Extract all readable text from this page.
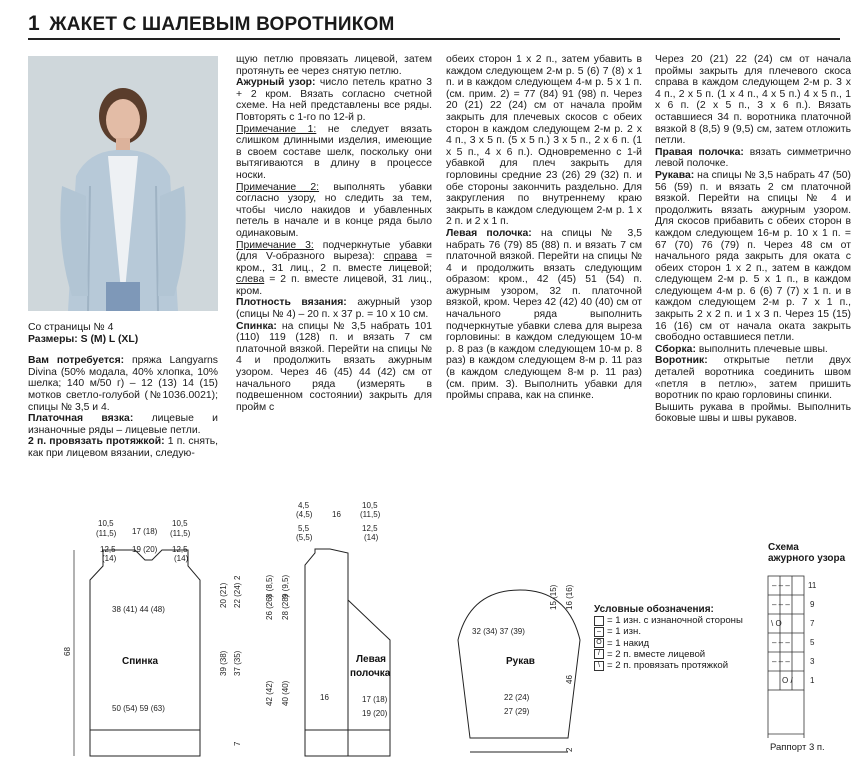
1 ЖАКЕТ С ШАЛЕВЫМ ВОРОТНИКОМ

Со страницы № 4

Размеры: S (M) L (XL)

Вам потребуется: пряжа Langyarns Divina (50% модала, 40% хлопка, 10% шелка; 140 м/50 г) – 12 (13) 14 (15) мотков светло-голубой (№1036.0021); спицы № 3,5 и 4.

Платочная вязка: лицевые и изнаночные ряды – лицевые петли.

2 п. провязать протяжкой: 1 п. снять, как при лицевом вязании, следую-

щую петлю провязать лицевой, затем протянуть ее через снятую петлю.

Ажурный узор: число петель кратно 3 + 2 кром. Вязать согласно счетной схеме. На ней представлены все ряды. Повторять с 1-го по 12-й р.

Примечание 1: не следует вязать слишком длинными изделия, имеющие в своем составе шелк, поскольку они вытягиваются в длину в процессе носки.

Примечание 2: выполнять убавки согласно узору, но следить за тем, чтобы число накидов и убавленных петель в начале и в конце ряда было одинаковым.

Примечание 3: подчеркнутые убавки (для V-образного выреза): справа = кром., 31 лиц., 2 п. вместе лицевой; слева = 2 п. вместе лицевой, 31 лиц., кром.

Плотность вязания: ажурный узор (спицы № 4) – 20 п. x 37 р. = 10 x 10 см.

Спинка: на спицы № 3,5 набрать 101 (110) 119 (128) п. и вязать 7 см платочной вязкой. Перейти на спицы № 4 и продолжить вязать ажурным узором. Через 46 (45) 44 (42) см от начального ряда (измерять в подвешенном состоянии) закрыть для пройм с

обеих сторон 1 x 2 п., затем убавить в каждом следующем 2-м р. 5 (6) 7 (8) x 1 п. и в каждом следующем 4-м р. 5 x 1 п. (см. прим. 2) = 77 (84) 91 (98) п. Через 20 (21) 22 (24) см от начала пройм закрыть для плечевых скосов с обеих сторон в каждом следующем 2-м р. 2 x 4 п., 3 x 5 п. (5 x 5 п.) 3 x 5 п., 2 x 6 п. (1 x 5 п., 4 x 6 п.). Одновременно с 1-й убавкой для плеч закрыть для горловины средние 23 (26) 29 (32) п. и обе стороны закончить раздельно. Для закругления по внутреннему краю закрыть в каждом следующем 2-м р. 1 x 2 п. и 2 x 1 п.

Левая полочка: на спицы № 3,5 набрать 76 (79) 85 (88) п. и вязать 7 см платочной вязкой. Перейти на спицы № 4 и продолжить вязать следующим образом: кром., 42 (45) 51 (54) п. ажурным узором, 32 п. платочной вязкой, кром. Через 42 (42) 40 (40) см от начального ряда выполнить подчеркнутые убавки слева для выреза горловины: в каждом следующем 10-м р. 8 раз (в каждом следующем 10-м р. 8 раз) в каждом следующем 8-м р. 11 раз (в каждом следующем 8-м р. 11 раз) (см. прим. 3). Выполнить убавки для проймы справа, как на спинке.

Через 20 (21) 22 (24) см от начала проймы закрыть для плечевого скоса справа в каждом следующем 2-м р. 3 x 4 п., 2 x 5 п. (1 x 4 п., 4 x 5 п.) 4 x 5 п., 1 x 6 п. (2 x 5 п., 3 x 6 п.). Вязать оставшиеся 34 п. воротника платочной вязкой 8 (8,5) 9 (9,5) см, затем отложить петли.

Правая полочка: вязать симметрично левой полочке.

Рукава: на спицы № 3,5 набрать 47 (50) 56 (59) п. и вязать 2 см платочной вязкой. Перейти на спицы № 4 и продолжить вязать ажурным узором. Для скосов прибавить с обеих сторон в каждом следующем 16-м р. 10 x 1 п. = 67 (70) 76 (79) п. Через 48 см от начального ряда закрыть для оката с обеих сторон 1 x 2 п., затем в каждом следующем 2-м р. 5 x 1 п., в каждом следующем 4-м р. 6 (6) 7 (7) x 1 п. и в каждом следующем 2-м р. 7 x 1 п., закрыть 2 x 2 п. и 1 x 3 п. Через 15 (15) 16 (16) см от начала оката закрыть свободно оставшиеся петли.

Сборка: выполнить плечевые швы.

Воротник: открытые петли двух деталей воротника соединить швом «петля в петлю», затем пришить воротник по краю горловины спинки.

Вышить рукава в проймы. Выполнить боковые швы и швы рукавов.

10,5
(11,5) 17 (18)
10,5
(11,5)
12,5
(14)
19 (20) 12,5
(14)
38 (41) 44 (48)
Спинка
50 (54) 59 (63)
68
20 (21) 22 (24)
2
39 (38) 37 (35)
7
4,5
(4,5) 16
10,5
(11,5)
5,5
(5,5)
12,5
(14)
8 (8,5) 9 (9,5)
26 (26) 28 (28)
42 (42) 40 (40)	16
Левая
полочка
17 (18)
19 (20)
32 (34) 37 (39)
Рукав
15 (15) 16 (16)
46
2
22 (24)
27 (29)
– – –
– – –
\ O
– – –
– – –
O /
11
9
7
5
3
1
Условные обозначения:
= 1 изн. с изнаночной стороны
– = 1 изн.
O = 1 накид
/ = 2 п. вместе лицевой
\ = 2 п. провязать протяжкой
Схема
ажурного узора
Раппорт 3 п.
